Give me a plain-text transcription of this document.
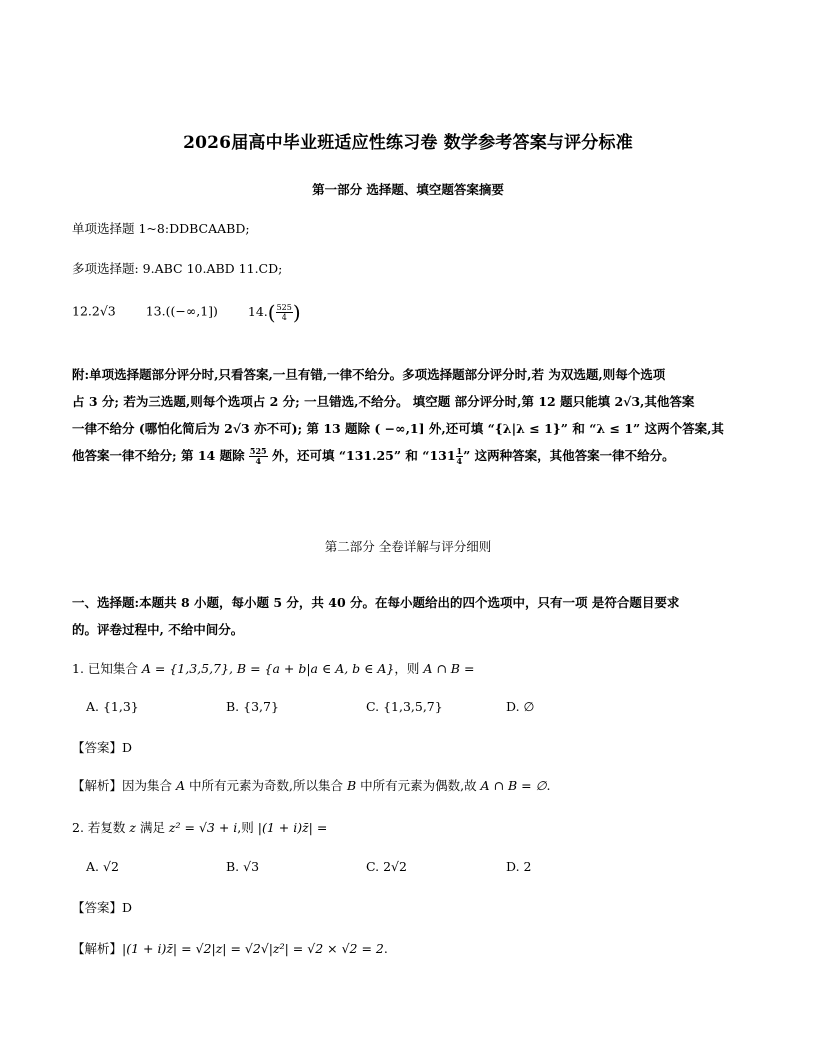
2026届高中毕业班适应性练习卷 数学参考答案与评分标准
第一部分 选择题、填空题答案摘要
单项选择题 1~8:DDBCAABD;
多项选择题: 9.ABC 10.ABD 11.CD;
12.2√3 13.((−∞,1]) $14.( \frac{525}{4}$ )
附:单项选择题部分评分时,只看答案,一旦有错,一律不给分。多项选择题部分评分时,若 为双选题,则每个选项
占 3 分; 若为三选题,则每个选项占 2 分; 一旦错选,不给分。 填空题 部分评分时,第 12 题只能填 2√3,其他答案
一律不给分 (哪怕化简后为 2√3 亦不可); 第 13 题除 ( −∞,1] 外,还可填 “{λ|λ ≤ 1}” 和 “λ ≤ 1” 这两个答案,其
他答案一律不给分; 第 14 题除 $\frac{525}{4}$ 外，还可填 “131.25” 和 “$131 \frac{1}{4}$ ” 这两种答案，其他答案一律不给分。
第二部分 全卷详解与评分细则
一、选择题:本题共 8 小题，每小题 5 分，共 40 分。在每小题给出的四个选项中，只有一项 是符合题目要求
的。评卷过程中, 不给中间分。
1. 已知集合 A = {1,3,5,7}, B = {a + b|a ∈ A, b ∈ A}，则 A ∩ B =
A. {1,3}	B. {3,7}	C. {1,3,5,7}	D. ∅
【答案】D
【解析】因为集合 A 中所有元素为奇数,所以集合 B 中所有元素为偶数,故 A ∩ B = ∅.
2. 若复数 z 满足 z² = √3 + i,则 |(1 + i)z̄| =
A. √2	B. √3	C. 2√2	D. 2
【答案】D
【解析】|(1 + i)z̄| = √2|z| = √2√|z²| = √2 × √2 = 2.
